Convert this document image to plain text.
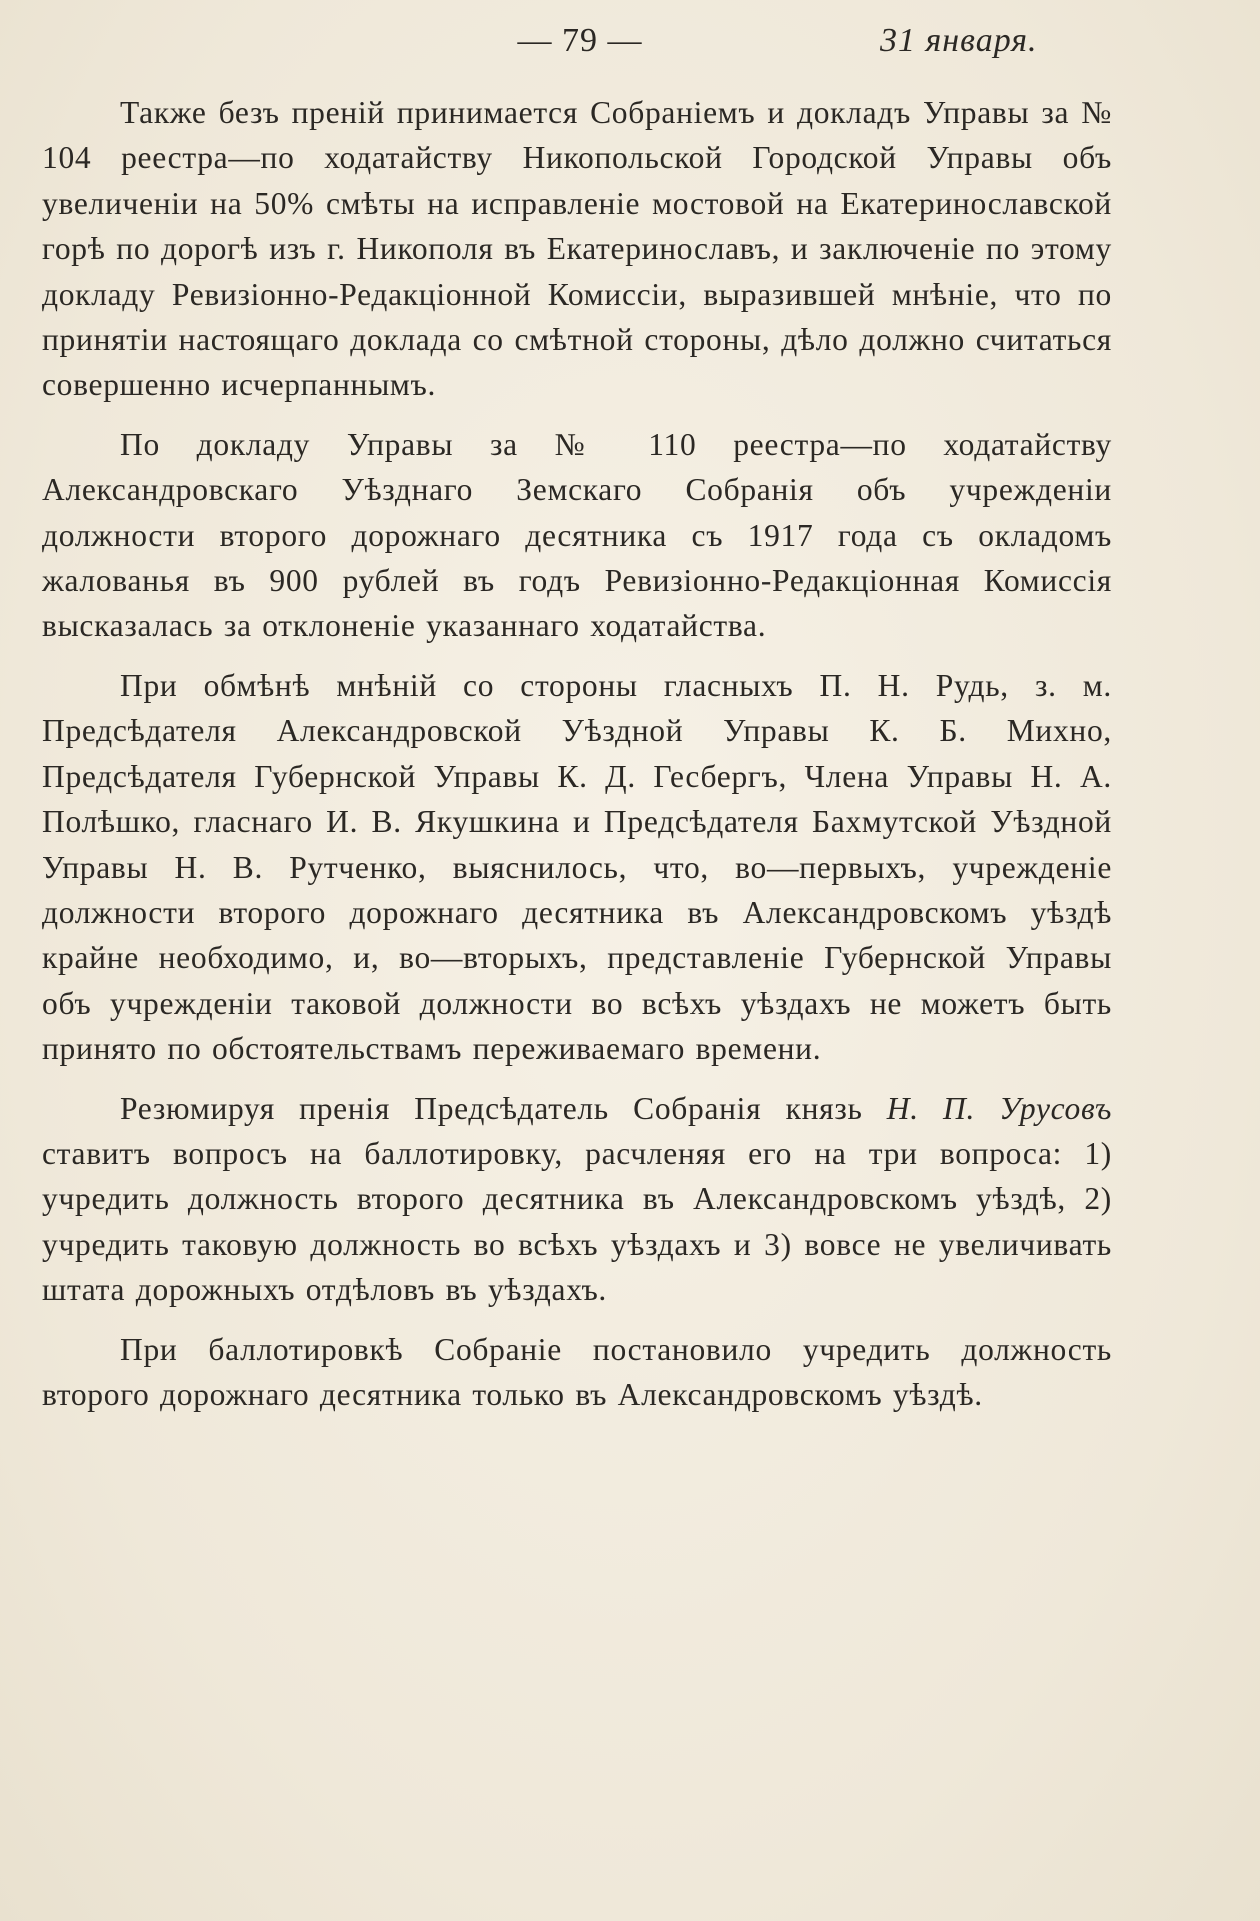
— 79 —	31 января.

Также безъ преній принимается Собраніемъ и докладъ Управы за № 104 реестра—по ходатайству Никопольской Городской Управы объ увеличеніи на 50% смѣты на исправленіе мостовой на Екатеринославской горѣ по дорогѣ изъ г. Никополя въ Екатеринославъ, и заключеніе по этому докладу Ревизіонно-Редакціонной Комиссіи, выразившей мнѣніе, что по принятіи настоящаго доклада со смѣтной стороны, дѣло должно считаться совершенно исчерпаннымъ.

По докладу Управы за № 110 реестра—по ходатайству Александровскаго Уѣзднаго Земскаго Собранія объ учрежденіи должности второго дорожнаго десятника съ 1917 года съ окладомъ жалованья въ 900 рублей въ годъ Ревизіонно-Редакціонная Комиссія высказалась за отклоненіе указаннаго ходатайства.

При обмѣнѣ мнѣній со стороны гласныхъ П. Н. Рудь, з. м. Предсѣдателя Александровской Уѣздной Управы К. Б. Михно, Предсѣдателя Губернской Управы К. Д. Гесбергъ, Члена Управы Н. А. Полѣшко, гласнаго И. В. Якушкина и Предсѣдателя Бахмутской Уѣздной Управы Н. В. Рутченко, выяснилось, что, во—первыхъ, учрежденіе должности второго дорожнаго десятника въ Александровскомъ уѣздѣ крайне необходимо, и, во—вторыхъ, представленіе Губернской Управы объ учрежденіи таковой должности во всѣхъ уѣздахъ не можетъ быть принято по обстоятельствамъ переживаемаго времени.

Резюмируя пренія Предсѣдатель Собранія князь Н. П. Урусовъ ставитъ вопросъ на баллотировку, расчленяя его на три вопроса: 1) учредить должность второго десятника въ Александровскомъ уѣздѣ, 2) учредить таковую должность во всѣхъ уѣздахъ и 3) вовсе не увеличивать штата дорожныхъ отдѣловъ въ уѣздахъ.

При баллотировкѣ Собраніе постановило учредить должность второго дорожнаго десятника только въ Александровскомъ уѣздѣ.
